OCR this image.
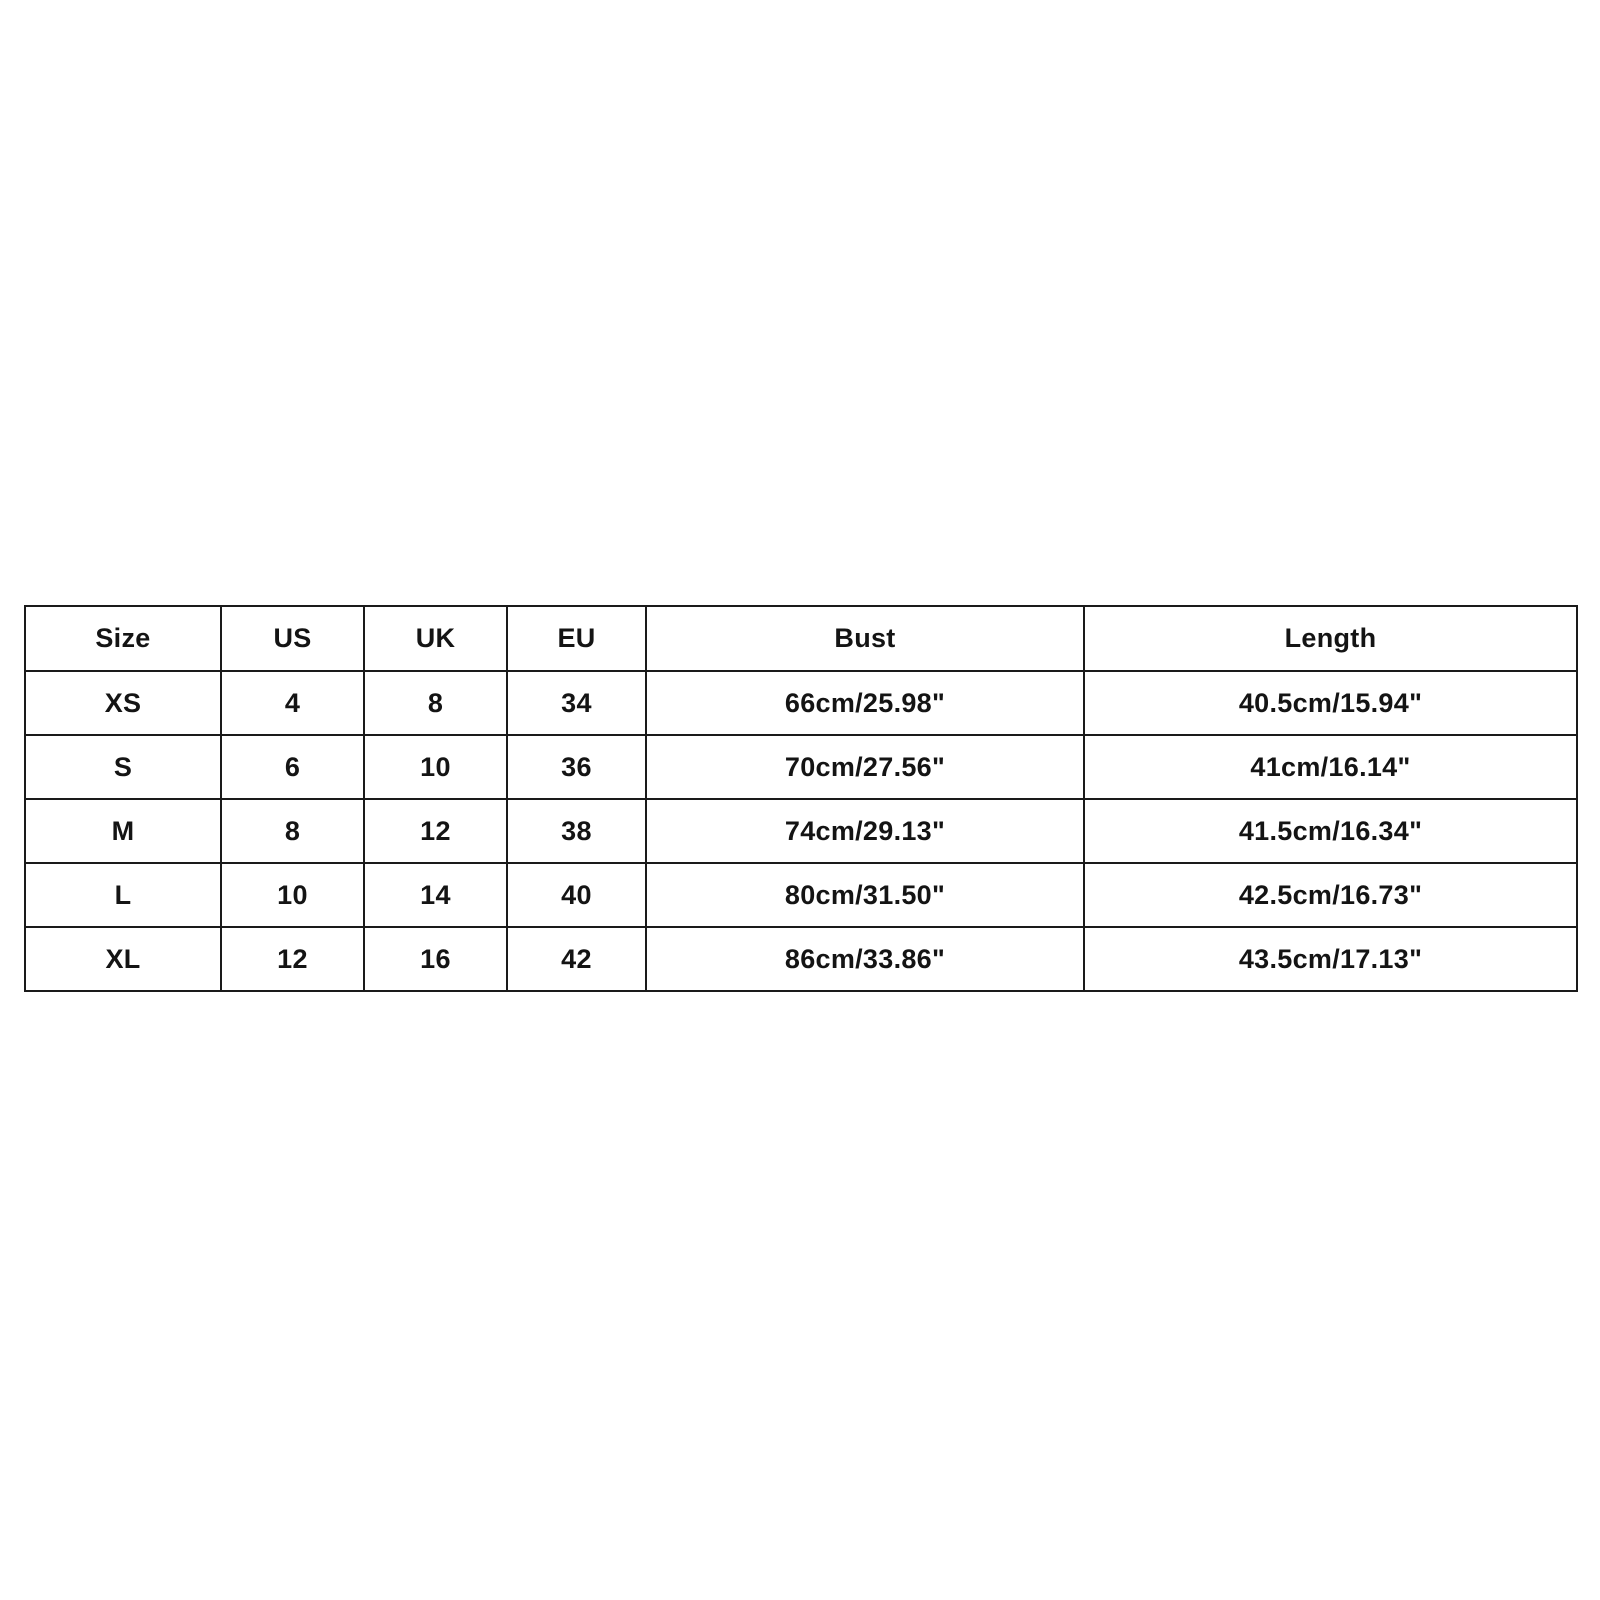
Size	US	UK	EU	Bust	Length
XS	4	8	34	66cm/25.98"	40.5cm/15.94"
S	6	10	36	70cm/27.56"	41cm/16.14"
M	8	12	38	74cm/29.13"	41.5cm/16.34"
L	10	14	40	80cm/31.50"	42.5cm/16.73"
XL	12	16	42	86cm/33.86"	43.5cm/17.13"
